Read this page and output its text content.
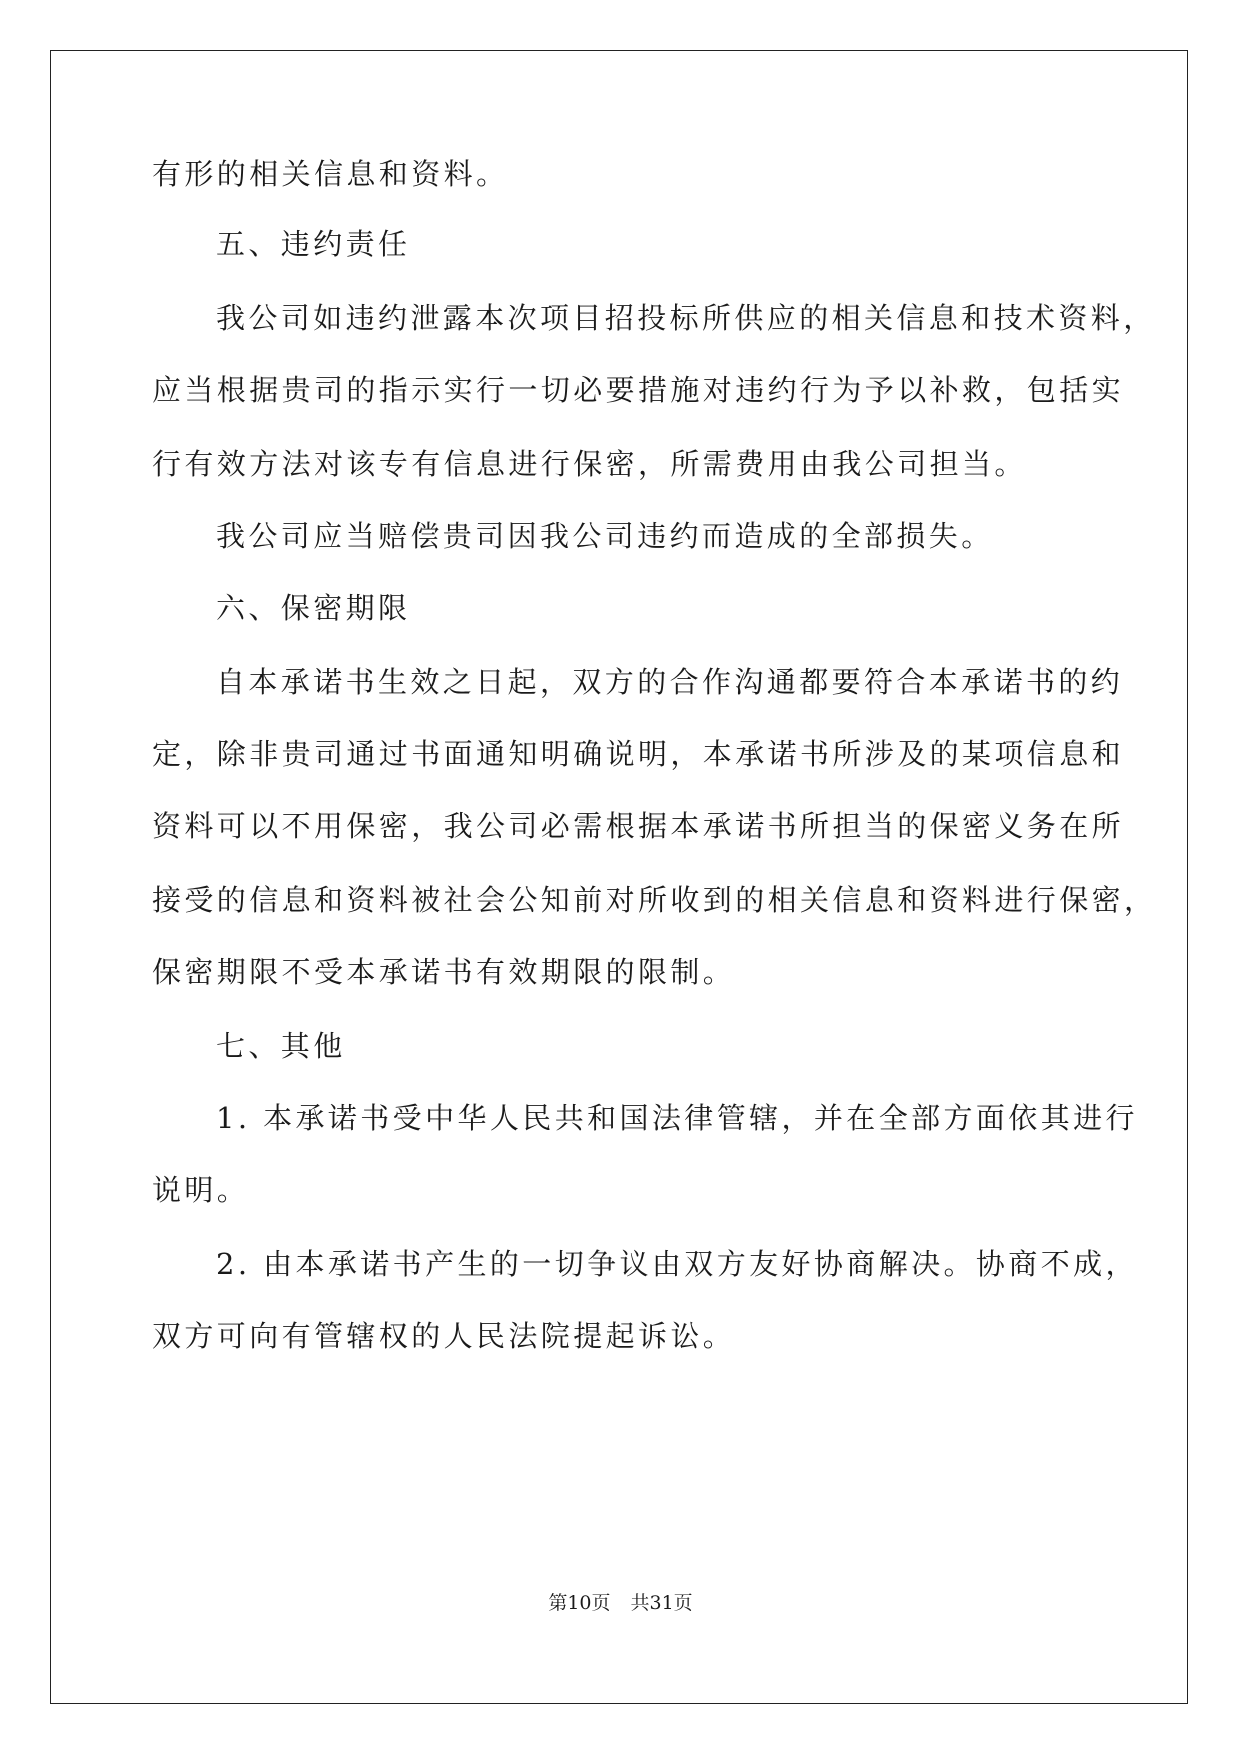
有形的相关信息和资料。
五、违约责任
我公司如违约泄露本次项目招投标所供应的相关信息和技术资料，
应当根据贵司的指示实行一切必要措施对违约行为予以补救，包括实
行有效方法对该专有信息进行保密，所需费用由我公司担当。
我公司应当赔偿贵司因我公司违约而造成的全部损失。
六、保密期限
自本承诺书生效之日起，双方的合作沟通都要符合本承诺书的约
定，除非贵司通过书面通知明确说明，本承诺书所涉及的某项信息和
资料可以不用保密，我公司必需根据本承诺书所担当的保密义务在所
接受的信息和资料被社会公知前对所收到的相关信息和资料进行保密，
保密期限不受本承诺书有效期限的限制。
七、其他
1. 本承诺书受中华人民共和国法律管辖，并在全部方面依其进行
说明。
2. 由本承诺书产生的一切争议由双方友好协商解决。协商不成，
双方可向有管辖权的人民法院提起诉讼。
第10页 共31页
